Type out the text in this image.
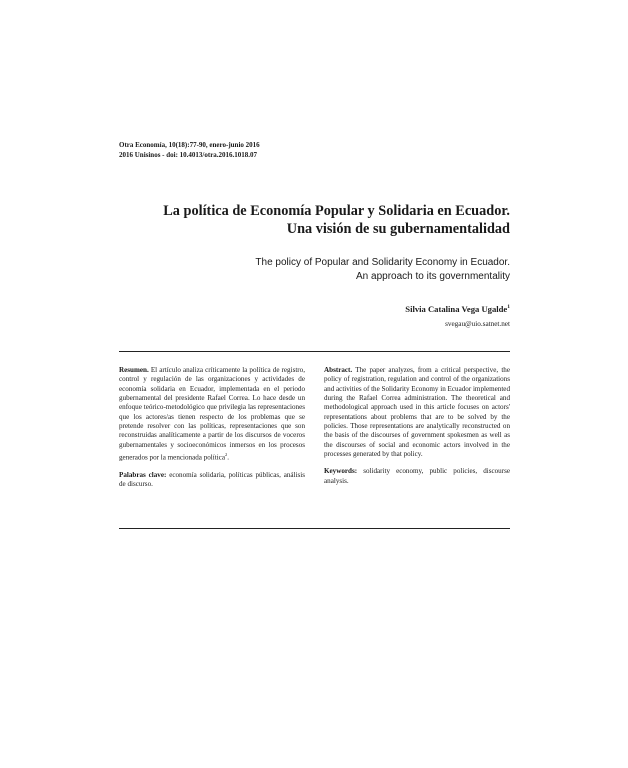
Otra Economía, 10(18):77-90, enero-junio 2016
2016 Unisinos - doi: 10.4013/otra.2016.1018.07
La política de Economía Popular y Solidaria en Ecuador.
Una visión de su gubernamentalidad
The policy of Popular and Solidarity Economy in Ecuador.
An approach to its governmentality
Silvia Catalina Vega Ugalde$^1$
svegau@uio.satnet.net

Resumen. El artículo analiza críticamente la política de registro, control y regulación de las organizaciones y actividades de economía solidaria en Ecuador, implementada en el periodo gubernamental del presidente Rafael Correa. Lo hace desde un enfoque teórico-metodológico que privilegia las representaciones que los actores/as tienen respecto de los problemas que se pretende resolver con las políticas, representaciones que son reconstruidas analíticamente a partir de los discursos de voceros gubernamentales y socioeconómicos inmersos en los procesos generados por la mencionada política$^2$.

Palabras clave: economía solidaria, políticas públicas, análisis de discurso.

Abstract. The paper analyzes, from a critical perspective, the policy of registration, regulation and control of the organizations and activities of the Solidarity Economy in Ecuador implemented during the Rafael Correa administration. The theoretical and methodological approach used in this article focuses on actors' representations about problems that are to be solved by the policies. Those representations are analytically reconstructed on the basis of the discourses of government spokesmen as well as the discourses of social and economic actors involved in the processes generated by that policy.

Keywords: solidarity economy, public policies, discourse analysis.
